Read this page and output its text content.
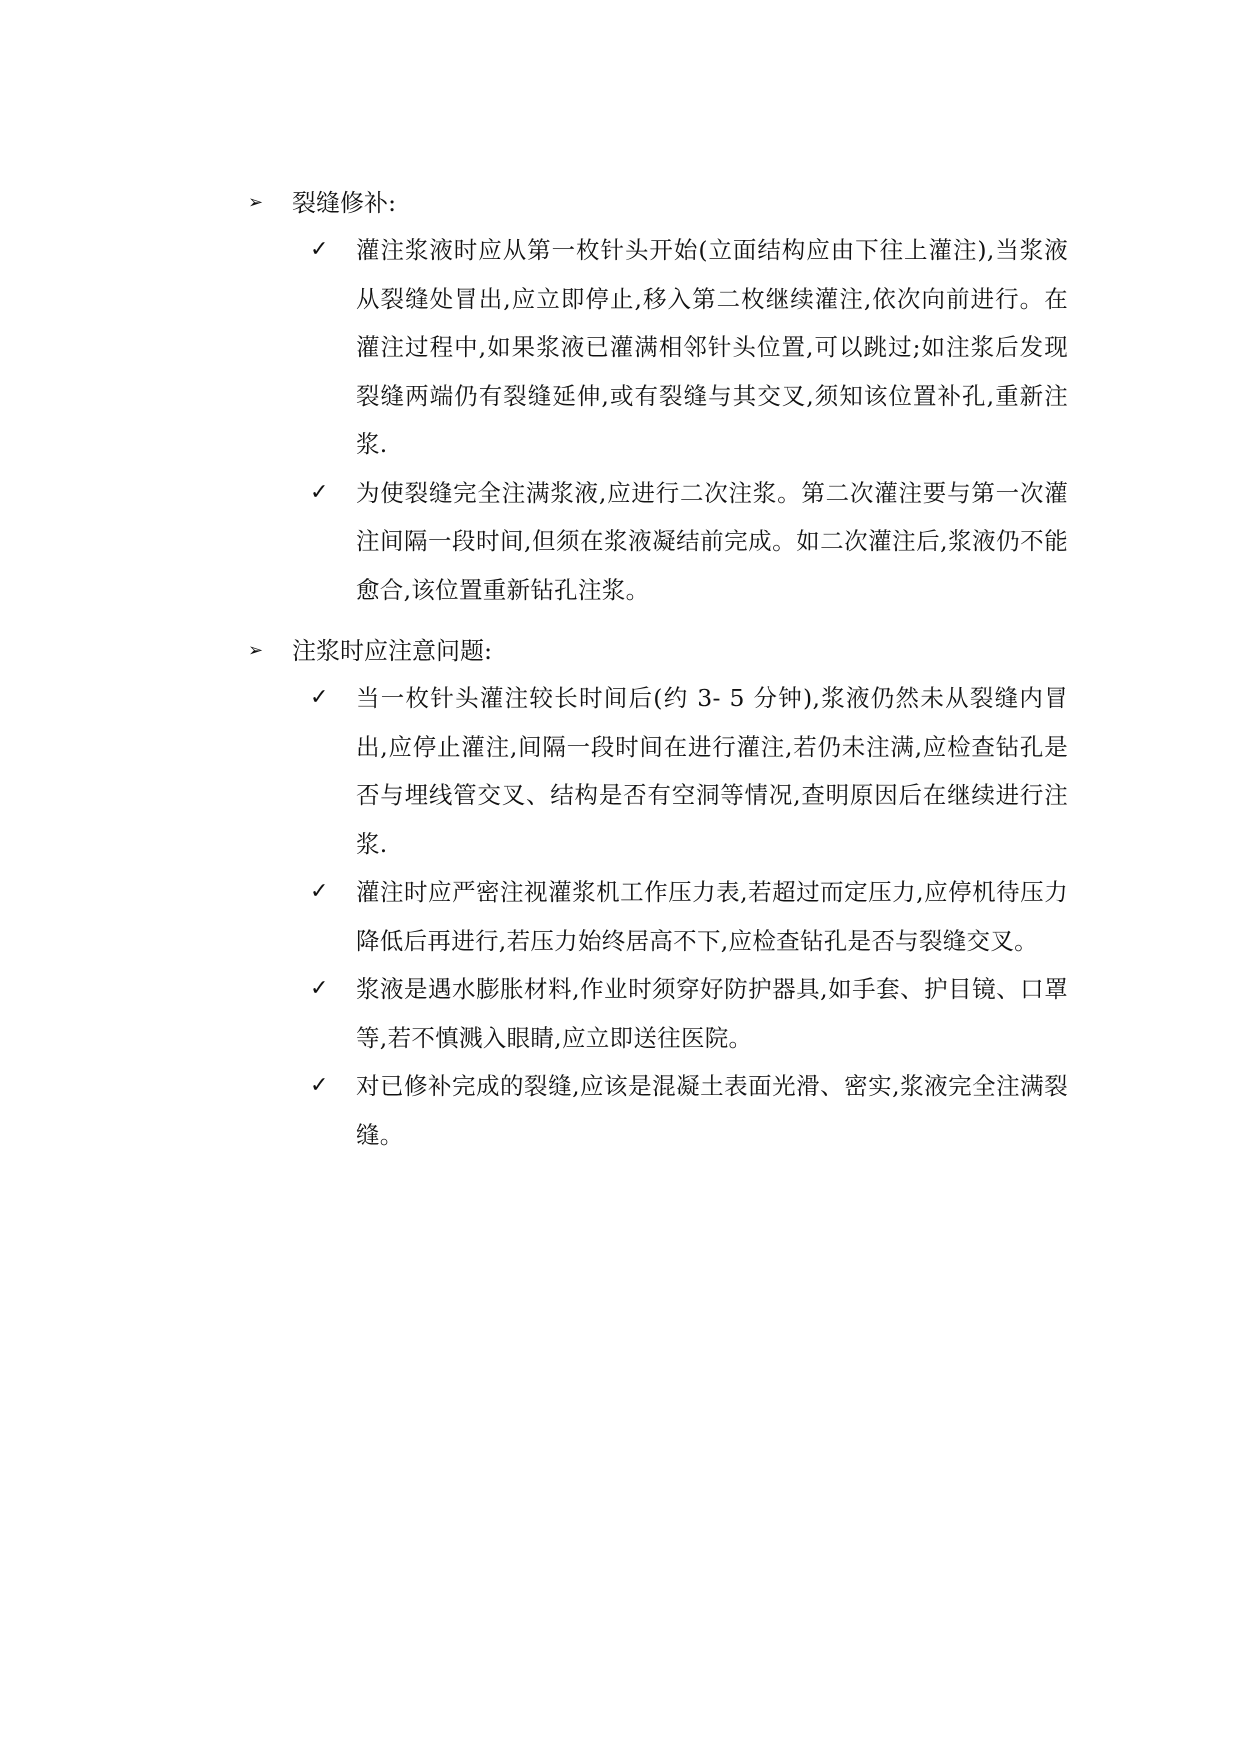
➢	裂缝修补:
✓	灌注浆液时应从第一枚针头开始(立面结构应由下往上灌注),当浆液从裂缝处冒出,应立即停止,移入第二枚继续灌注,依次向前进行。在灌注过程中,如果浆液已灌满相邻针头位置,可以跳过;如注浆后发现裂缝两端仍有裂缝延伸,或有裂缝与其交叉,须知该位置补孔,重新注浆.
✓	为使裂缝完全注满浆液,应进行二次注浆。第二次灌注要与第一次灌注间隔一段时间,但须在浆液凝结前完成。如二次灌注后,浆液仍不能愈合,该位置重新钻孔注浆。
➢	注浆时应注意问题:
✓	当一枚针头灌注较长时间后(约 3- 5 分钟),浆液仍然未从裂缝内冒出,应停止灌注,间隔一段时间在进行灌注,若仍未注满,应检查钻孔是否与埋线管交叉、结构是否有空洞等情况,查明原因后在继续进行注浆.
✓	灌注时应严密注视灌浆机工作压力表,若超过而定压力,应停机待压力降低后再进行,若压力始终居高不下,应检查钻孔是否与裂缝交叉。
✓	浆液是遇水膨胀材料,作业时须穿好防护器具,如手套、护目镜、口罩等,若不慎溅入眼睛,应立即送往医院。
✓	对已修补完成的裂缝,应该是混凝土表面光滑、密实,浆液完全注满裂缝。
